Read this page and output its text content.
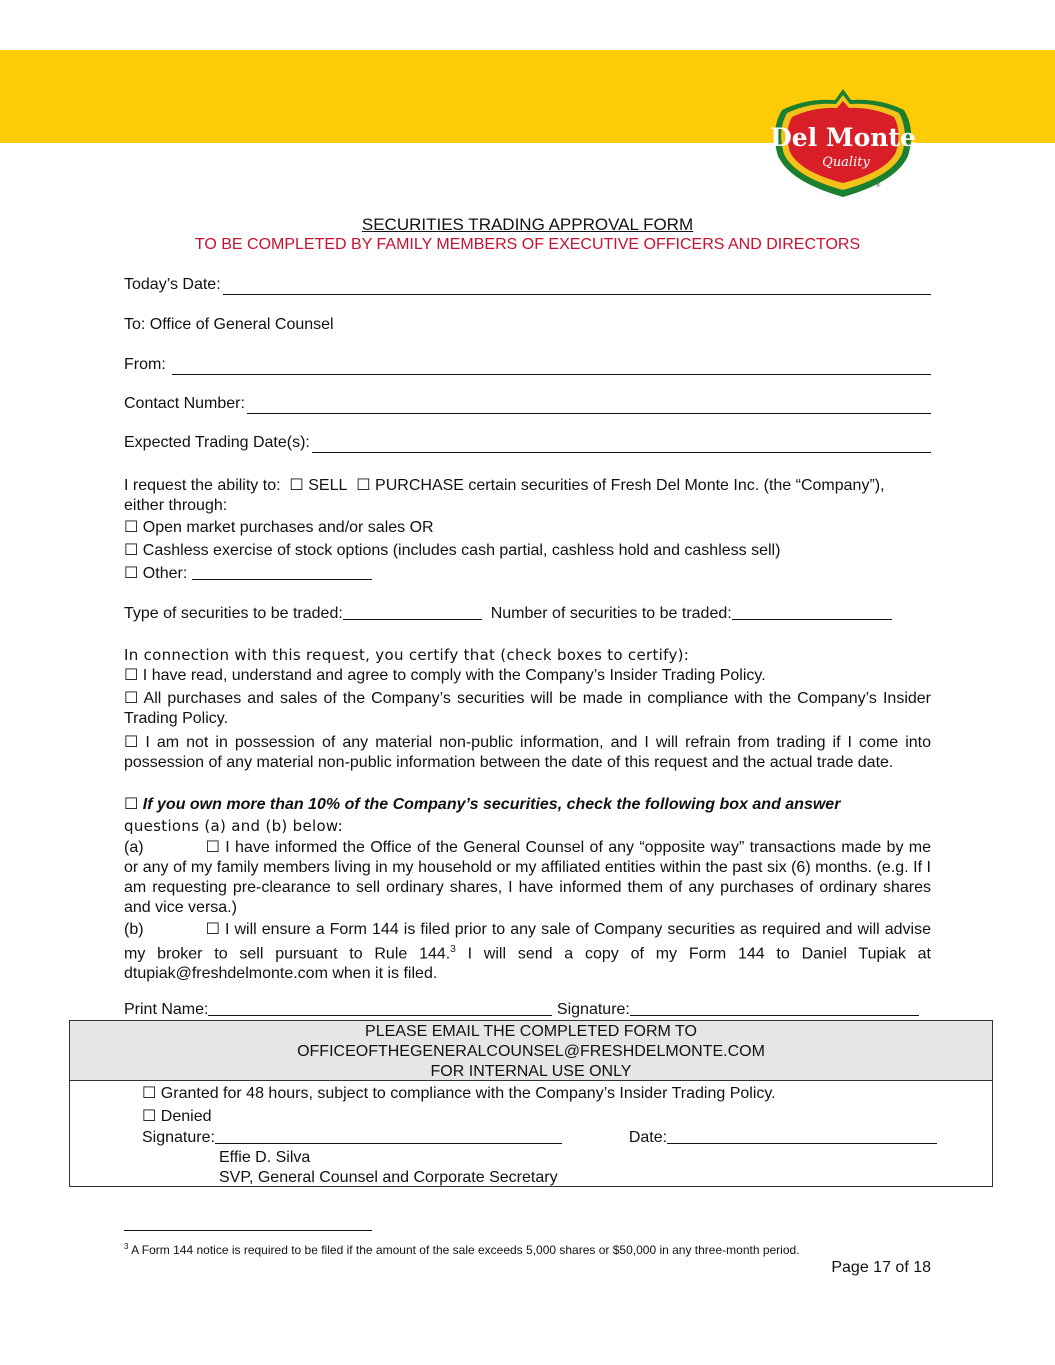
Del Monte
Quality
®
SECURITIES TRADING APPROVAL FORM
TO BE COMPLETED BY FAMILY MEMBERS OF EXECUTIVE OFFICERS AND DIRECTORS
Today’s Date:
To: Office of General Counsel
From:
Contact Number:
Expected Trading Date(s):
I request the ability to: ☐ SELL ☐ PURCHASE certain securities of Fresh Del Monte Inc. (the “Company”),
either through:
☐ Open market purchases and/or sales OR
☐ Cashless exercise of stock options (includes cash partial, cashless hold and cashless sell)
☐ Other:
Type of securities to be traded:	Number of securities to be traded:
In connection with this request, you certify that (check boxes to certify):
☐ I have read, understand and agree to comply with the Company’s Insider Trading Policy.
☐ All purchases and sales of the Company’s securities will be made in compliance with the Company’s Insider Trading Policy.
☐ I am not in possession of any material non-public information, and I will refrain from trading if I come into possession of any material non-public information between the date of this request and the actual trade date.
☐ If you own more than 10% of the Company’s securities, check the following box and answer
questions (a) and (b) below:
(a)	☐ I have informed the Office of the General Counsel of any “opposite way” transactions made by me or any of my family members living in my household or my affiliated entities within the past six (6) months. (e.g. If I am requesting pre-clearance to sell ordinary shares, I have informed them of any purchases of ordinary shares and vice versa.)
(b)	☐ I will ensure a Form 144 is filed prior to any sale of Company securities as required and will advise my broker to sell pursuant to Rule 144.$^3$ I will send a copy of my Form 144 to Daniel Tupiak at dtupiak@freshdelmonte.com when it is filed.
Print Name:	Signature:
PLEASE EMAIL THE COMPLETED FORM TO
OFFICEOFTHEGENERALCOUNSEL@FRESHDELMONTE.COM
FOR INTERNAL USE ONLY
☐ Granted for 48 hours, subject to compliance with the Company’s Insider Trading Policy.
☐ Denied
Signature:	Date:
Effie D. Silva
SVP, General Counsel and Corporate Secretary
$^3$ A Form 144 notice is required to be filed if the amount of the sale exceeds 5,000 shares or $50,000 in any three-month period.
Page 17 of 18
